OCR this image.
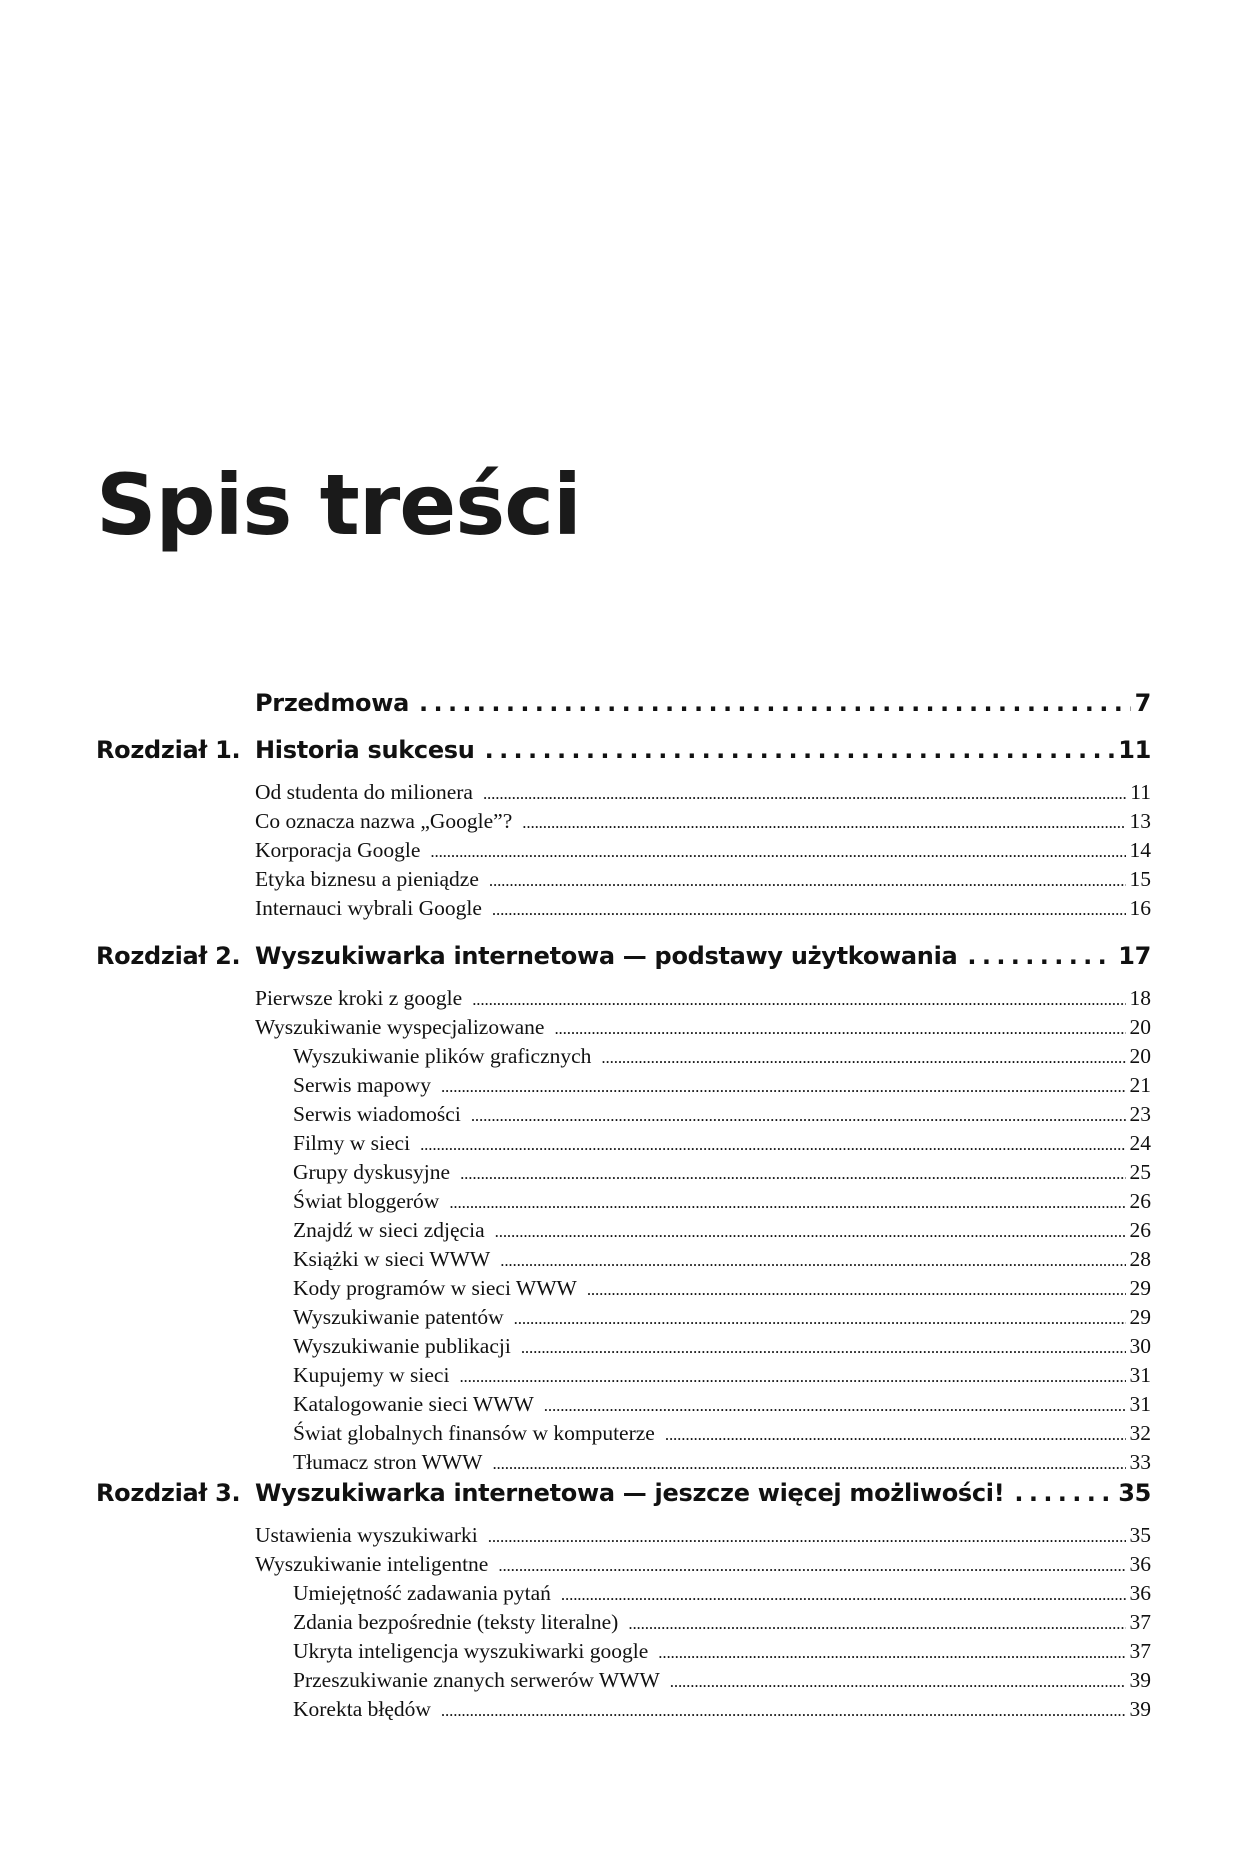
Spis treści
Przedmowa . . .	7
Rozdział 1. Historia sukcesu . . .	11
Od studenta do milionera . . .	11
Co oznacza nazwa „Google”? . . .	13
Korporacja Google . . .	14
Etyka biznesu a pieniądze . . .	15
Internauci wybrali Google . . .	16
Rozdział 2. Wyszukiwarka internetowa — podstawy użytkowania . . .	17
Pierwsze kroki z google . . .	18
Wyszukiwanie wyspecjalizowane . . .	20
Wyszukiwanie plików graficznych . . .	20
Serwis mapowy . . .	21
Serwis wiadomości . . .	23
Filmy w sieci . . .	24
Grupy dyskusyjne . . .	25
Świat bloggerów . . .	26
Znajdź w sieci zdjęcia . . .	26
Książki w sieci WWW . . .	28
Kody programów w sieci WWW . . .	29
Wyszukiwanie patentów . . .	29
Wyszukiwanie publikacji . . .	30
Kupujemy w sieci . . .	31
Katalogowanie sieci WWW . . .	31
Świat globalnych finansów w komputerze . . .	32
Tłumacz stron WWW . . .	33
Rozdział 3. Wyszukiwarka internetowa — jeszcze więcej możliwości! . . .	35
Ustawienia wyszukiwarki . . .	35
Wyszukiwanie inteligentne . . .	36
Umiejętność zadawania pytań . . .	36
Zdania bezpośrednie (teksty literalne) . . .	37
Ukryta inteligencja wyszukiwarki google . . .	37
Przeszukiwanie znanych serwerów WWW . . .	39
Korekta błędów . . .	39
